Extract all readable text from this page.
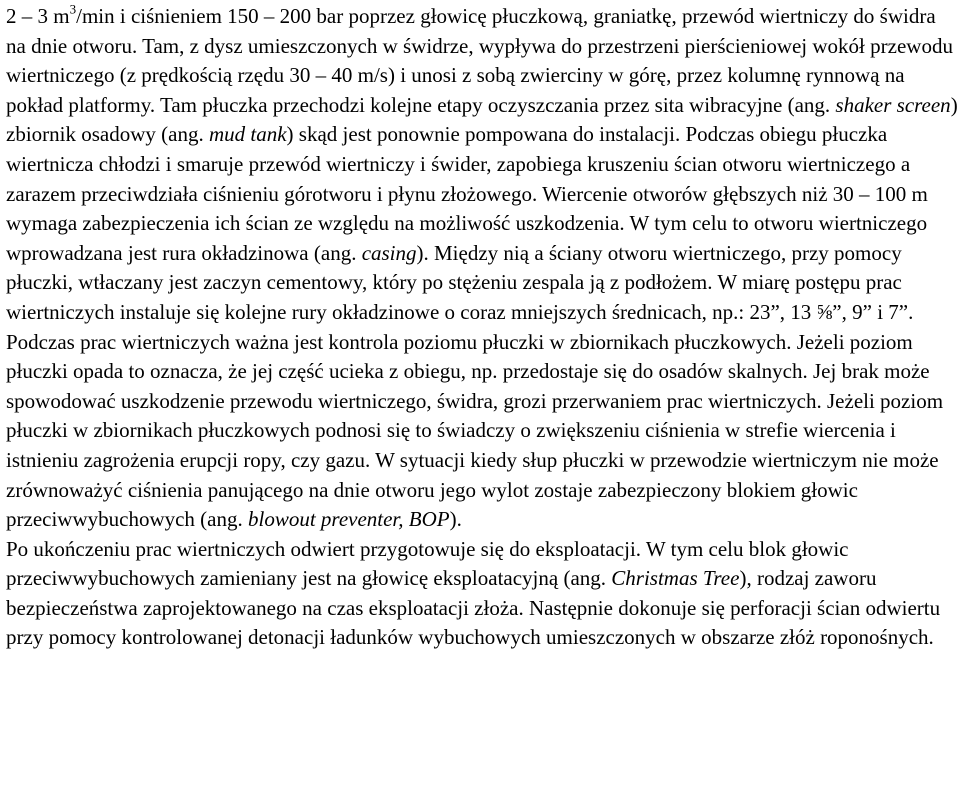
2 – 3 $m^3/\min$ i ciśnieniem 150 – 200 bar poprzez głowicę płuczkową, graniatkę, przewód wiertniczy do świdra na dnie otworu. Tam, z dysz umieszczonych w świdrze, wypływa do przestrzeni pierścieniowej wokół przewodu wiertniczego (z prędkością rzędu 30 – 40 m/s) i unosi z sobą zwierciny w górę, przez kolumnę rynnową na pokład platformy. Tam płuczka przechodzi kolejne etapy oczyszczania przez sita wibracyjne (ang. shaker screen) zbiornik osadowy (ang. mud tank) skąd jest ponownie pompowana do instalacji. Podczas obiegu płuczka wiertnicza chłodzi i smaruje przewód wiertniczy i świder, zapobiega kruszeniu ścian otworu wiertniczego a zarazem przeciwdziała ciśnieniu górotworu i płynu złożowego. Wiercenie otworów głębszych niż 30 – 100 m wymaga zabezpieczenia ich ścian ze względu na możliwość uszkodzenia. W tym celu to otworu wiertniczego wprowadzana jest rura okładzinowa (ang. casing). Między nią a ściany otworu wiertniczego, przy pomocy płuczki, wtłaczany jest zaczyn cementowy, który po stężeniu zespala ją z podłożem. W miarę postępu prac wiertniczych instaluje się kolejne rury okładzinowe o coraz mniejszych średnicach, np.: 23”, 13 ⅝”, 9” i 7”.

Podczas prac wiertniczych ważna jest kontrola poziomu płuczki w zbiornikach płuczkowych. Jeżeli poziom płuczki opada to oznacza, że jej część ucieka z obiegu, np. przedostaje się do osadów skalnych. Jej brak może spowodować uszkodzenie przewodu wiertniczego, świdra, grozi przerwaniem prac wiertniczych. Jeżeli poziom płuczki w zbiornikach płuczkowych podnosi się to świadczy o zwiększeniu ciśnienia w strefie wiercenia i istnieniu zagrożenia erupcji ropy, czy gazu. W sytuacji kiedy słup płuczki w przewodzie wiertniczym nie może zrównoważyć ciśnienia panującego na dnie otworu jego wylot zostaje zabezpieczony blokiem głowic przeciwwybuchowych (ang. blowout preventer, BOP).

Po ukończeniu prac wiertniczych odwiert przygotowuje się do eksploatacji. W tym celu blok głowic przeciwwybuchowych zamieniany jest na głowicę eksploatacyjną (ang. Christmas Tree), rodzaj zaworu bezpieczeństwa zaprojektowanego na czas eksploatacji złoża. Następnie dokonuje się perforacji ścian odwiertu przy pomocy kontrolowanej detonacji ładunków wybuchowych umieszczonych w obszarze złóż roponośnych.
